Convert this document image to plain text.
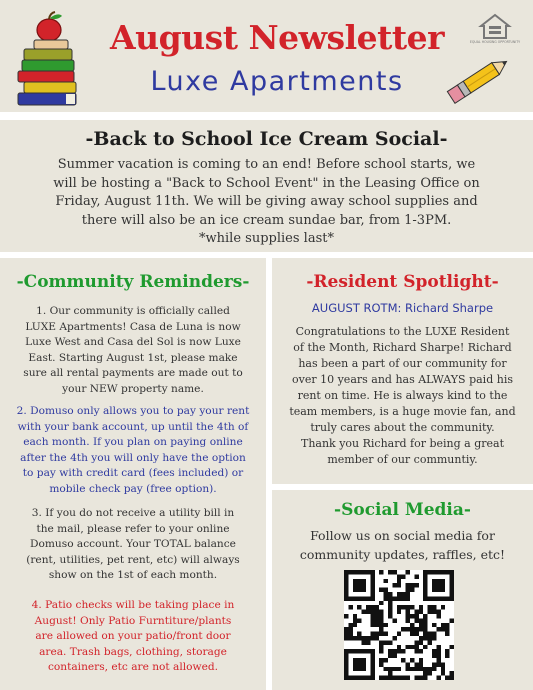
August Newsletter
Luxe Apartments
EQUAL HOUSING OPPORTUNITY
-Back to School Ice Cream Social-
Summer vacation is coming to an end! Before school starts, we
will be hosting a "Back to School Event" in the Leasing Office on
Friday, August 11th. We will be giving away school supplies and
there will also be an ice cream sundae bar, from 1-3PM.
*while supplies last*
-Community Reminders-
1. Our community is officially called
LUXE Apartments! Casa de Luna is now
Luxe West and Casa del Sol is now Luxe
East. Starting August 1st, please make
sure all rental payments are made out to
your NEW property name.
2. Domuso only allows you to pay your rent
with your bank account, up until the 4th of
each month. If you plan on paying online
after the 4th you will only have the option
to pay with credit card (fees included) or
mobile check pay (free option).
3. If you do not receive a utility bill in
the mail, please refer to your online
Domuso account. Your TOTAL balance
(rent, utilities, pet rent, etc) will always
show on the 1st of each month.
4. Patio checks will be taking place in
August! Only Patio Furntiture/plants
are allowed on your patio/front door
area. Trash bags, clothing, storage
containers, etc are not allowed.
-Resident Spotlight-
AUGUST ROTM: Richard Sharpe
Congratulations to the LUXE Resident
of the Month, Richard Sharpe! Richard
has been a part of our community for
over 10 years and has ALWAYS paid his
rent on time. He is always kind to the
team members, is a huge movie fan, and
truly cares about the community.
Thank you Richard for being a great
member of our communtiy.
-Social Media-
Follow us on social media for
community updates, raffles, etc!
